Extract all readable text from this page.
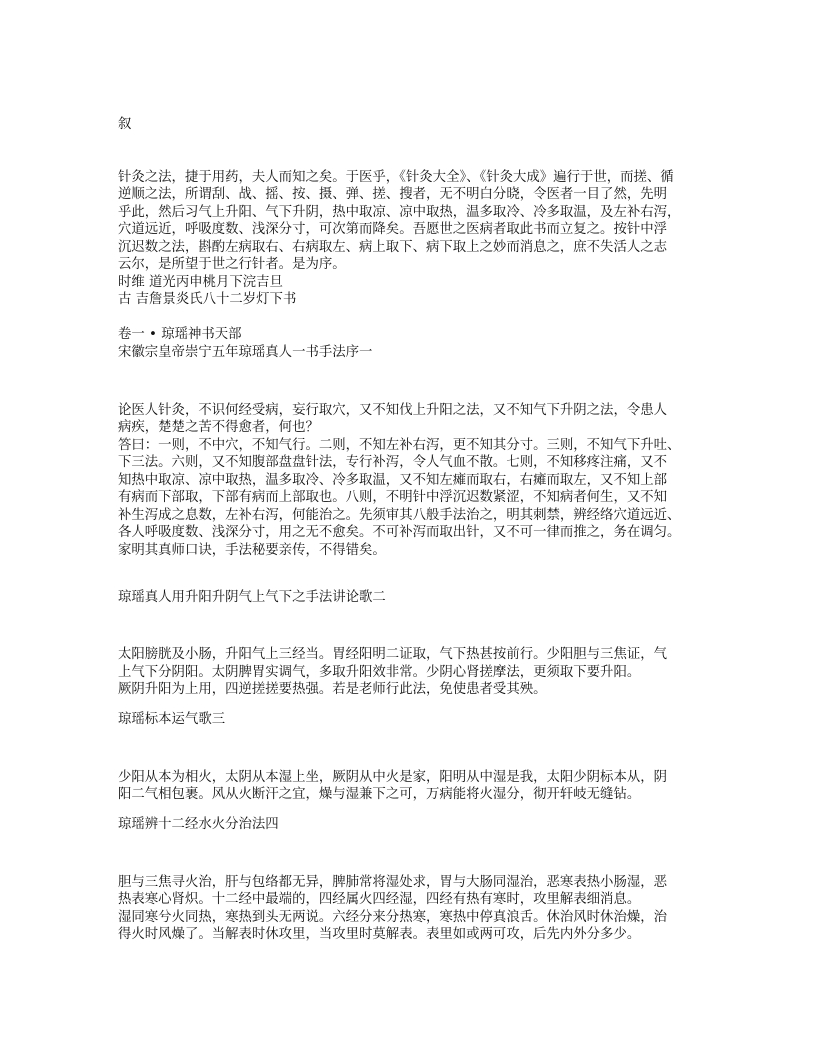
叙
针灸之法，捷于用药，夫人而知之矣。于医乎，《针灸大全》、《针灸大成》遍行于世，而搓、循
逆顺之法，所谓刮、战、摇、按、摄、弹、搓、搜者，无不明白分晓，令医者一目了然，先明
乎此，然后习气上升阳、气下升阴，热中取凉、凉中取热，温多取冷、冷多取温，及左补右泻，
穴道远近，呼吸度数、浅深分寸，可次第而降矣。吾愿世之医病者取此书而立复之。按针中浮
沉迟数之法，斟酌左病取右、右病取左、病上取下、病下取上之妙而消息之，庶不失活人之志
云尔，是所望于世之行针者。是为序。
时维 道光丙申桃月下浣吉旦
古 吉詹景炎氏八十二岁灯下书
卷一 • 琼瑶神书天部
宋徽宗皇帝崇宁五年琼瑶真人一书手法序一
论医人针灸，不识何经受病，妄行取穴，又不知伐上升阳之法，又不知气下升阴之法，令患人
病疾，楚楚之苦不得愈者，何也？
答曰：一则，不中穴，不知气行。二则，不知左补右泻，更不知其分寸。三则，不知气下升吐、
下三法。六则，又不知腹部盘盘针法，专行补泻，令人气血不散。七则，不知移疼注痛，又不
知热中取凉、凉中取热，温多取冷、冷多取温，又不知左瘫而取右，右瘫而取左，又不知上部
有病而下部取，下部有病而上部取也。八则，不明针中浮沉迟数紧涩，不知病者何生，又不知
补生泻成之息数，左补右泻，何能治之。先须审其八般手法治之，明其刺禁，辨经络穴道远近、
各人呼吸度数、浅深分寸，用之无不愈矣。不可补泻而取出针，又不可一律而推之，务在调匀。
家明其真师口诀，手法秘要亲传，不得错矣。
琼瑶真人用升阳升阴气上气下之手法讲论歌二
太阳膀胱及小肠，升阳气上三经当。胃经阳明二证取，气下热甚按前行。少阳胆与三焦证，气
上气下分阴阳。太阴脾胃实调气，多取升阳效非常。少阴心肾搓摩法，更须取下要升阳。
厥阴升阳为上用，四逆搓搓要热强。若是老师行此法，免使患者受其殃。
琼瑶标本运气歌三
少阳从本为相火，太阴从本湿上坐，厥阴从中火是家，阳明从中湿是我，太阳少阴标本从，阴
阳二气相包裹。风从火断汗之宜，燥与湿兼下之可，万病能将火湿分，彻开轩岐无缝钻。
琼瑶辨十二经水火分治法四
胆与三焦寻火治，肝与包络都无异，脾肺常将湿处求，胃与大肠同湿治，恶寒表热小肠湿，恶
热表寒心肾炽。十二经中最端的，四经属火四经湿，四经有热有寒时，攻里解表细消息。
湿同寒兮火同热，寒热到头无两说。六经分来分热寒，寒热中停真浪舌。休治风时休治燥，治
得火时风燥了。当解表时休攻里，当攻里时莫解表。表里如或两可攻，后先内外分多少。
